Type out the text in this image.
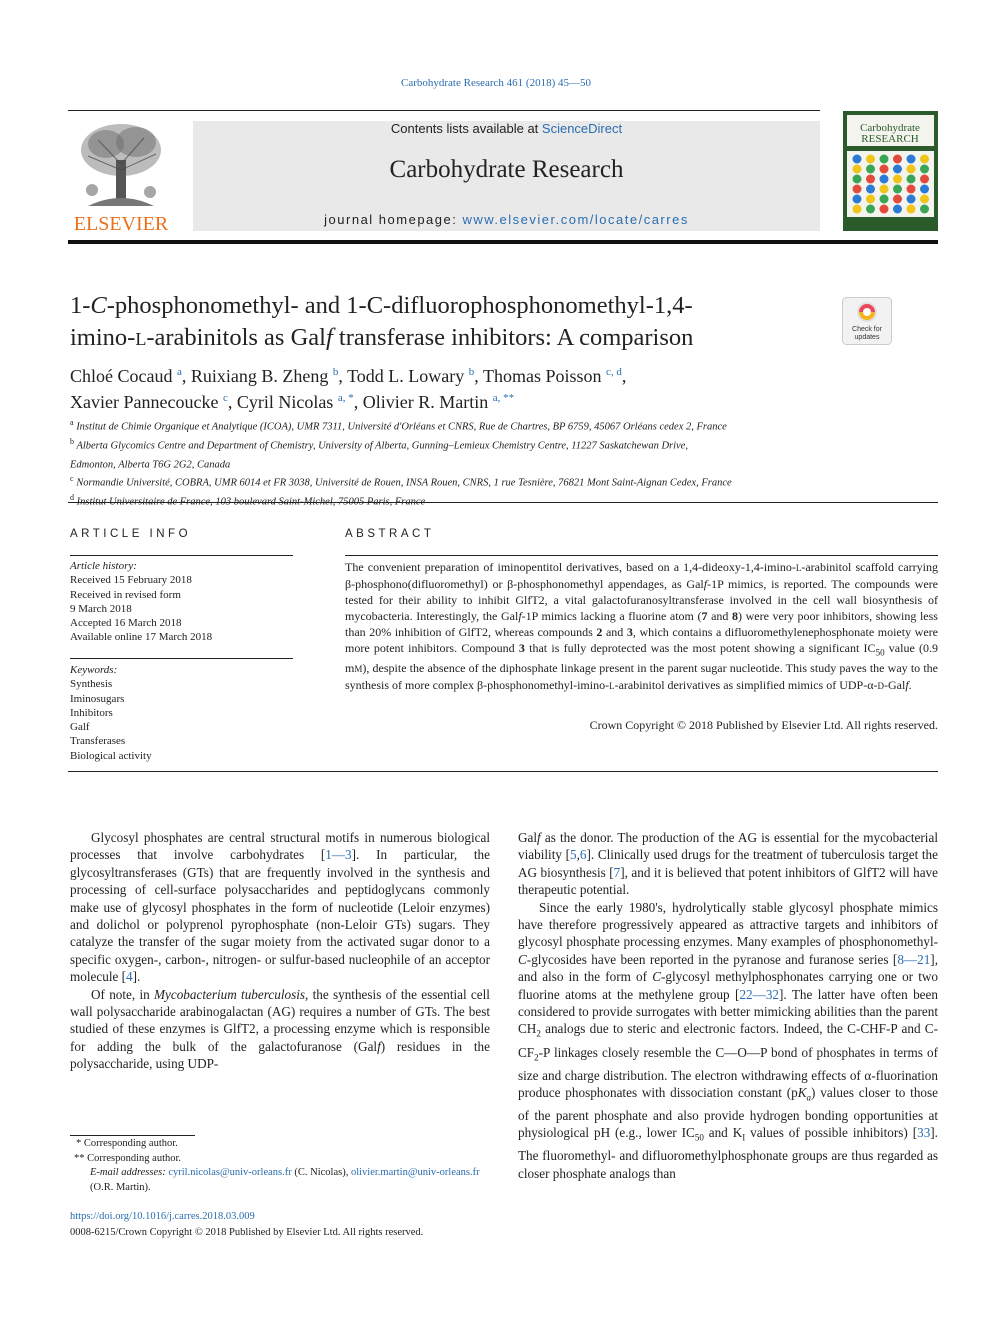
Carbohydrate Research 461 (2018) 45—50
ELSEVIER
Contents lists available at ScienceDirect
Carbohydrate Research
journal homepage: www.elsevier.com/locate/carres
Carbohydrate
RESEARCH
1-C-phosphonomethyl- and 1-C-difluorophosphonomethyl-1,4-
imino-L-arabinitols as Galf transferase inhibitors: A comparison	Check for
updates
Chloé Cocaud $^a$, Ruixiang B. Zheng $^b$, Todd L. Lowary $^b$, Thomas Poisson $^{c, d}$,
Xavier Pannecoucke $^c$, Cyril Nicolas $^{a, *}$, Olivier R. Martin $^{a, **}$
$^a$ Institut de Chimie Organique et Analytique (ICOA), UMR 7311, Université d'Orléans et CNRS, Rue de Chartres, BP 6759, 45067 Orléans cedex 2, France
$^b$ Alberta Glycomics Centre and Department of Chemistry, University of Alberta, Gunning–Lemieux Chemistry Centre, 11227 Saskatchewan Drive,
Edmonton, Alberta T6G 2G2, Canada
$^c$ Normandie Université, COBRA, UMR 6014 et FR 3038, Université de Rouen, INSA Rouen, CNRS, 1 rue Tesnière, 76821 Mont Saint-Aignan Cedex, France
$^d$ Institut Universitaire de France, 103 boulevard Saint-Michel, 75005 Paris, France
ARTICLE INFO
Article history:
Received 15 February 2018
Received in revised form
9 March 2018
Accepted 16 March 2018
Available online 17 March 2018
Keywords:
Synthesis
Iminosugars
Inhibitors
Galf
Transferases
Biological activity
ABSTRACT
The convenient preparation of iminopentitol derivatives, based on a 1,4-dideoxy-1,4-imino-L-arabinitol scaffold carrying β-phosphono(difluoromethyl) or β-phosphonomethyl appendages, as Galf-1P mimics, is reported. The compounds were tested for their ability to inhibit GlfT2, a vital galactofuranosyltransferase involved in the cell wall biosynthesis of mycobacteria. Interestingly, the Galf-1P mimics lacking a fluorine atom (7 and 8) were very poor inhibitors, showing less than 20% inhibition of GlfT2, whereas compounds 2 and 3, which contains a difluoromethylenephosphonate moiety were more potent inhibitors. Compound 3 that is fully deprotected was the most potent showing a significant $IC_{50}$ value (0.9 mM), despite the absence of the diphosphate linkage present in the parent sugar nucleotide. This study paves the way to the synthesis of more complex β-phosphonomethyl-imino-L-arabinitol derivatives as simplified mimics of UDP-α-D-Galf.
Crown Copyright © 2018 Published by Elsevier Ltd. All rights reserved.

Glycosyl phosphates are central structural motifs in numerous biological processes that involve carbohydrates [1—3]. In particular, the glycosyltransferases (GTs) that are frequently involved in the synthesis and processing of cell-surface polysaccharides and peptidoglycans commonly make use of glycosyl phosphates in the form of nucleotide (Leloir enzymes) and dolichol or polyprenol pyrophosphate (non-Leloir GTs) sugars. They catalyze the transfer of the sugar moiety from the activated sugar donor to a specific oxygen-, carbon-, nitrogen- or sulfur-based nucleophile of an acceptor molecule [4].

Of note, in Mycobacterium tuberculosis, the synthesis of the essential cell wall polysaccharide arabinogalactan (AG) requires a number of GTs. The best studied of these enzymes is GlfT2, a processing enzyme which is responsible for adding the bulk of the galactofuranose (Galf) residues in the polysaccharide, using UDP-

Galf as the donor. The production of the AG is essential for the mycobacterial viability [5,6]. Clinically used drugs for the treatment of tuberculosis target the AG biosynthesis [7], and it is believed that potent inhibitors of GlfT2 will have therapeutic potential.

Since the early 1980's, hydrolytically stable glycosyl phosphate mimics have therefore progressively appeared as attractive targets and inhibitors of glycosyl phosphate processing enzymes. Many examples of phosphonomethyl-C-glycosides have been reported in the pyranose and furanose series [8—21], and also in the form of C-glycosyl methylphosphonates carrying one or two fluorine atoms at the methylene group [22—32]. The latter have often been considered to provide surrogates with better mimicking abilities than the parent $CH_2$ analogs due to steric and electronic factors. Indeed, the C-CHF-P and $C-CF_2-P$ linkages closely resemble the C—O—P bond of phosphates in terms of size and charge distribution. The electron withdrawing effects of α-fluorination produce phosphonates with dissociation constant $(pK_a)$ values closer to those of the parent phosphate and also provide hydrogen bonding opportunities at physiological pH (e.g., lower $IC_{50}$ and $K_I$ values of possible inhibitors) [33]. The fluoromethyl- and difluoromethylphosphonate groups are thus regarded as closer phosphate analogs than

* Corresponding author.
** Corresponding author.
E-mail addresses: cyril.nicolas@univ-orleans.fr (C. Nicolas), olivier.martin@univ-orleans.fr (O.R. Martin).
https://doi.org/10.1016/j.carres.2018.03.009
0008-6215/Crown Copyright © 2018 Published by Elsevier Ltd. All rights reserved.
